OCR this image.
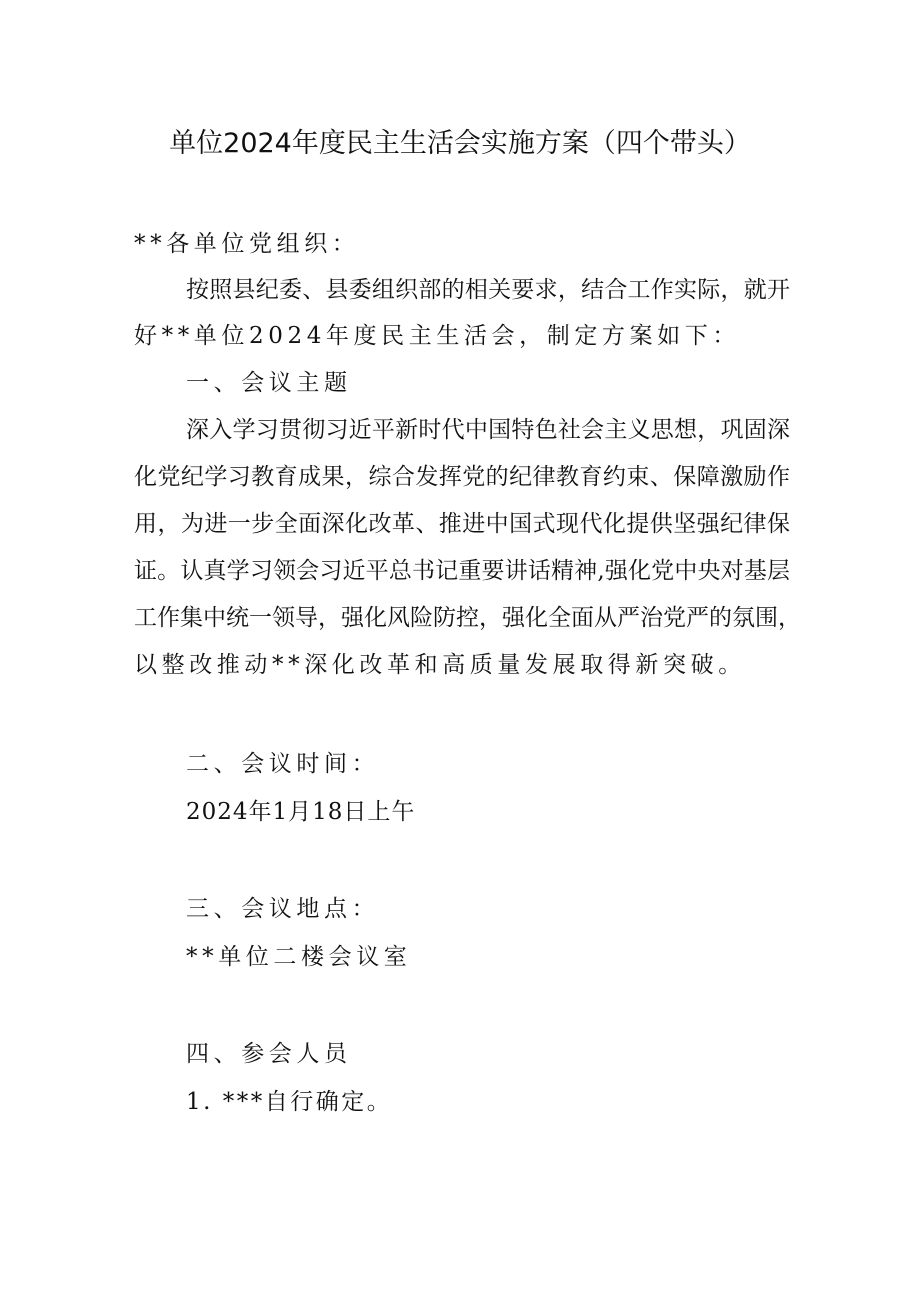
单位2024年度民主生活会实施方案（四个带头）

**各单位党组织：

按照县纪委、县委组织部的相关要求，结合工作实际，就开

好**单位2024年度民主生活会，制定方案如下：

一、会议主题

深入学习贯彻习近平新时代中国特色社会主义思想，巩固深

化党纪学习教育成果，综合发挥党的纪律教育约束、保障激励作

用，为进一步全面深化改革、推进中国式现代化提供坚强纪律保

证。认真学习领会习近平总书记重要讲话精神,强化党中央对基层

工作集中统一领导，强化风险防控，强化全面从严治党严的氛围，

以整改推动**深化改革和高质量发展取得新突破。

二、会议时间：

2024年1月18日上午

三、会议地点：

**单位二楼会议室

四、参会人员

1. ***自行确定。
